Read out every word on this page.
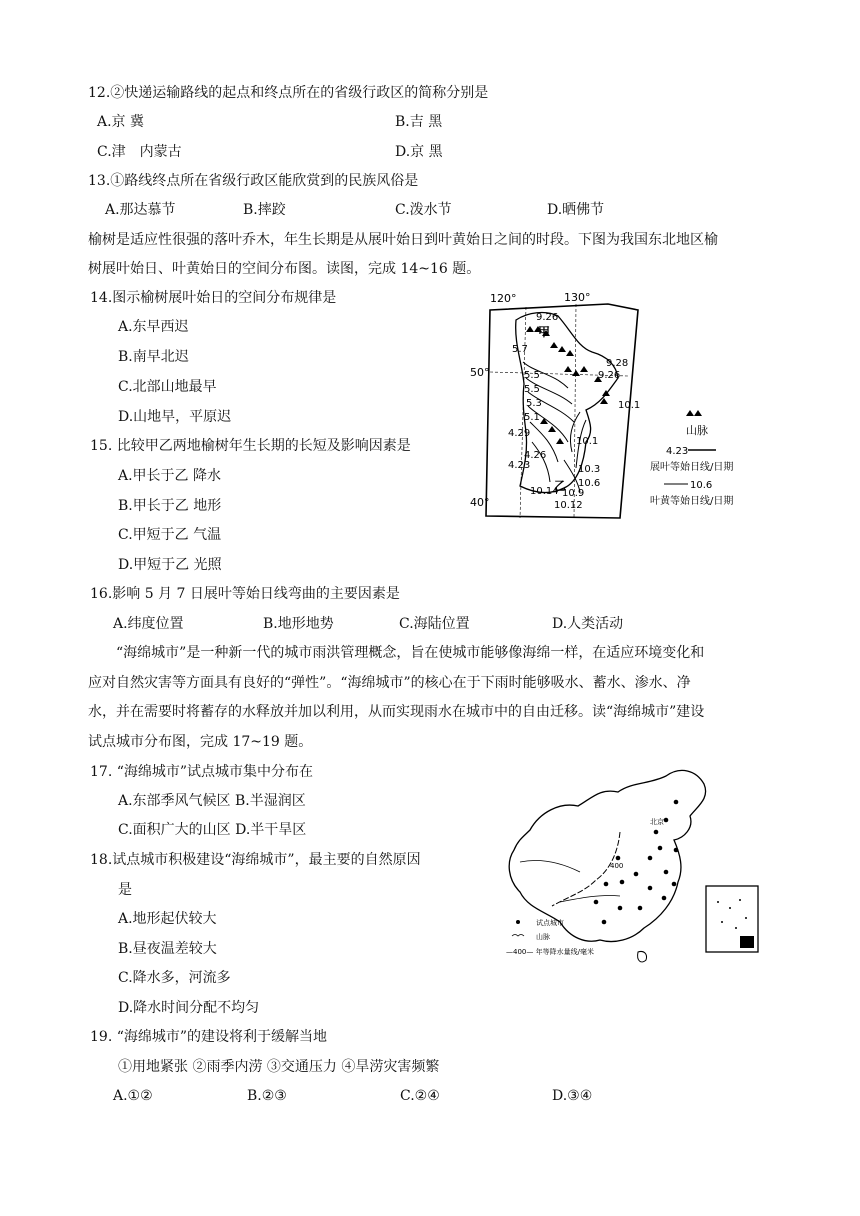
12.②快递运输路线的起点和终点所在的省级行政区的简称分别是
A.京 冀	B.吉 黑
C.津　内蒙古	D.京 黑
13.①路线终点所在省级行政区能欣赏到的民族风俗是
A.那达慕节	B.摔跤	C.泼水节	D.晒佛节
榆树是适应性很强的落叶乔木，年生长期是从展叶始日到叶黄始日之间的时段。下图为我国东北地区榆
树展叶始日、叶黄始日的空间分布图。读图，完成 14~16 题。
14.图示榆树展叶始日的空间分布规律是
A.东早西迟
B.南早北迟
C.北部山地最早
D.山地早，平原迟
15. 比较甲乙两地榆树年生长期的长短及影响因素是
A.甲长于乙 降水
B.甲长于乙 地形
C.甲短于乙 气温
D.甲短于乙 光照
16.影响 5 月 7 日展叶等始日线弯曲的主要因素是
A.纬度位置	B.地形地势	C.海陆位置	D.人类活动
“海绵城市”是一种新一代的城市雨洪管理概念，旨在使城市能够像海绵一样，在适应环境变化和
应对自然灾害等方面具有良好的“弹性”。“海绵城市”的核心在于下雨时能够吸水、蓄水、渗水、净
水，并在需要时将蓄存的水释放并加以利用，从而实现雨水在城市中的自由迁移。读“海绵城市”建设
试点城市分布图，完成 17~19 题。
17. “海绵城市”试点城市集中分布在
A.东部季风气候区 B.半湿润区
C.面积广大的山区 D.半干旱区
18.试点城市积极建设“海绵城市”，最主要的自然原因
是
A.地形起伏较大
B.昼夜温差较大
C.降水多，河流多
D.降水时间分配不均匀
19. “海绵城市”的建设将利于缓解当地
①用地紧张 ②雨季内涝 ③交通压力 ④旱涝灾害频繁
A.①②	B.②③	C.②④	D.③④
120°	130°
50°
40°
甲
乙
9.26
5.7
9.28
9.26
5.5
5.5
5.3
5.1
10.1
4.29
10.1
4.26
10.3
4.23
10.6
10.14 10.9
10.12
山脉
4.23
展叶等始日线/日期
10.6
叶黄等始日线/日期
北京
400
试点城市
山脉
—400— 年等降水量线/毫米
